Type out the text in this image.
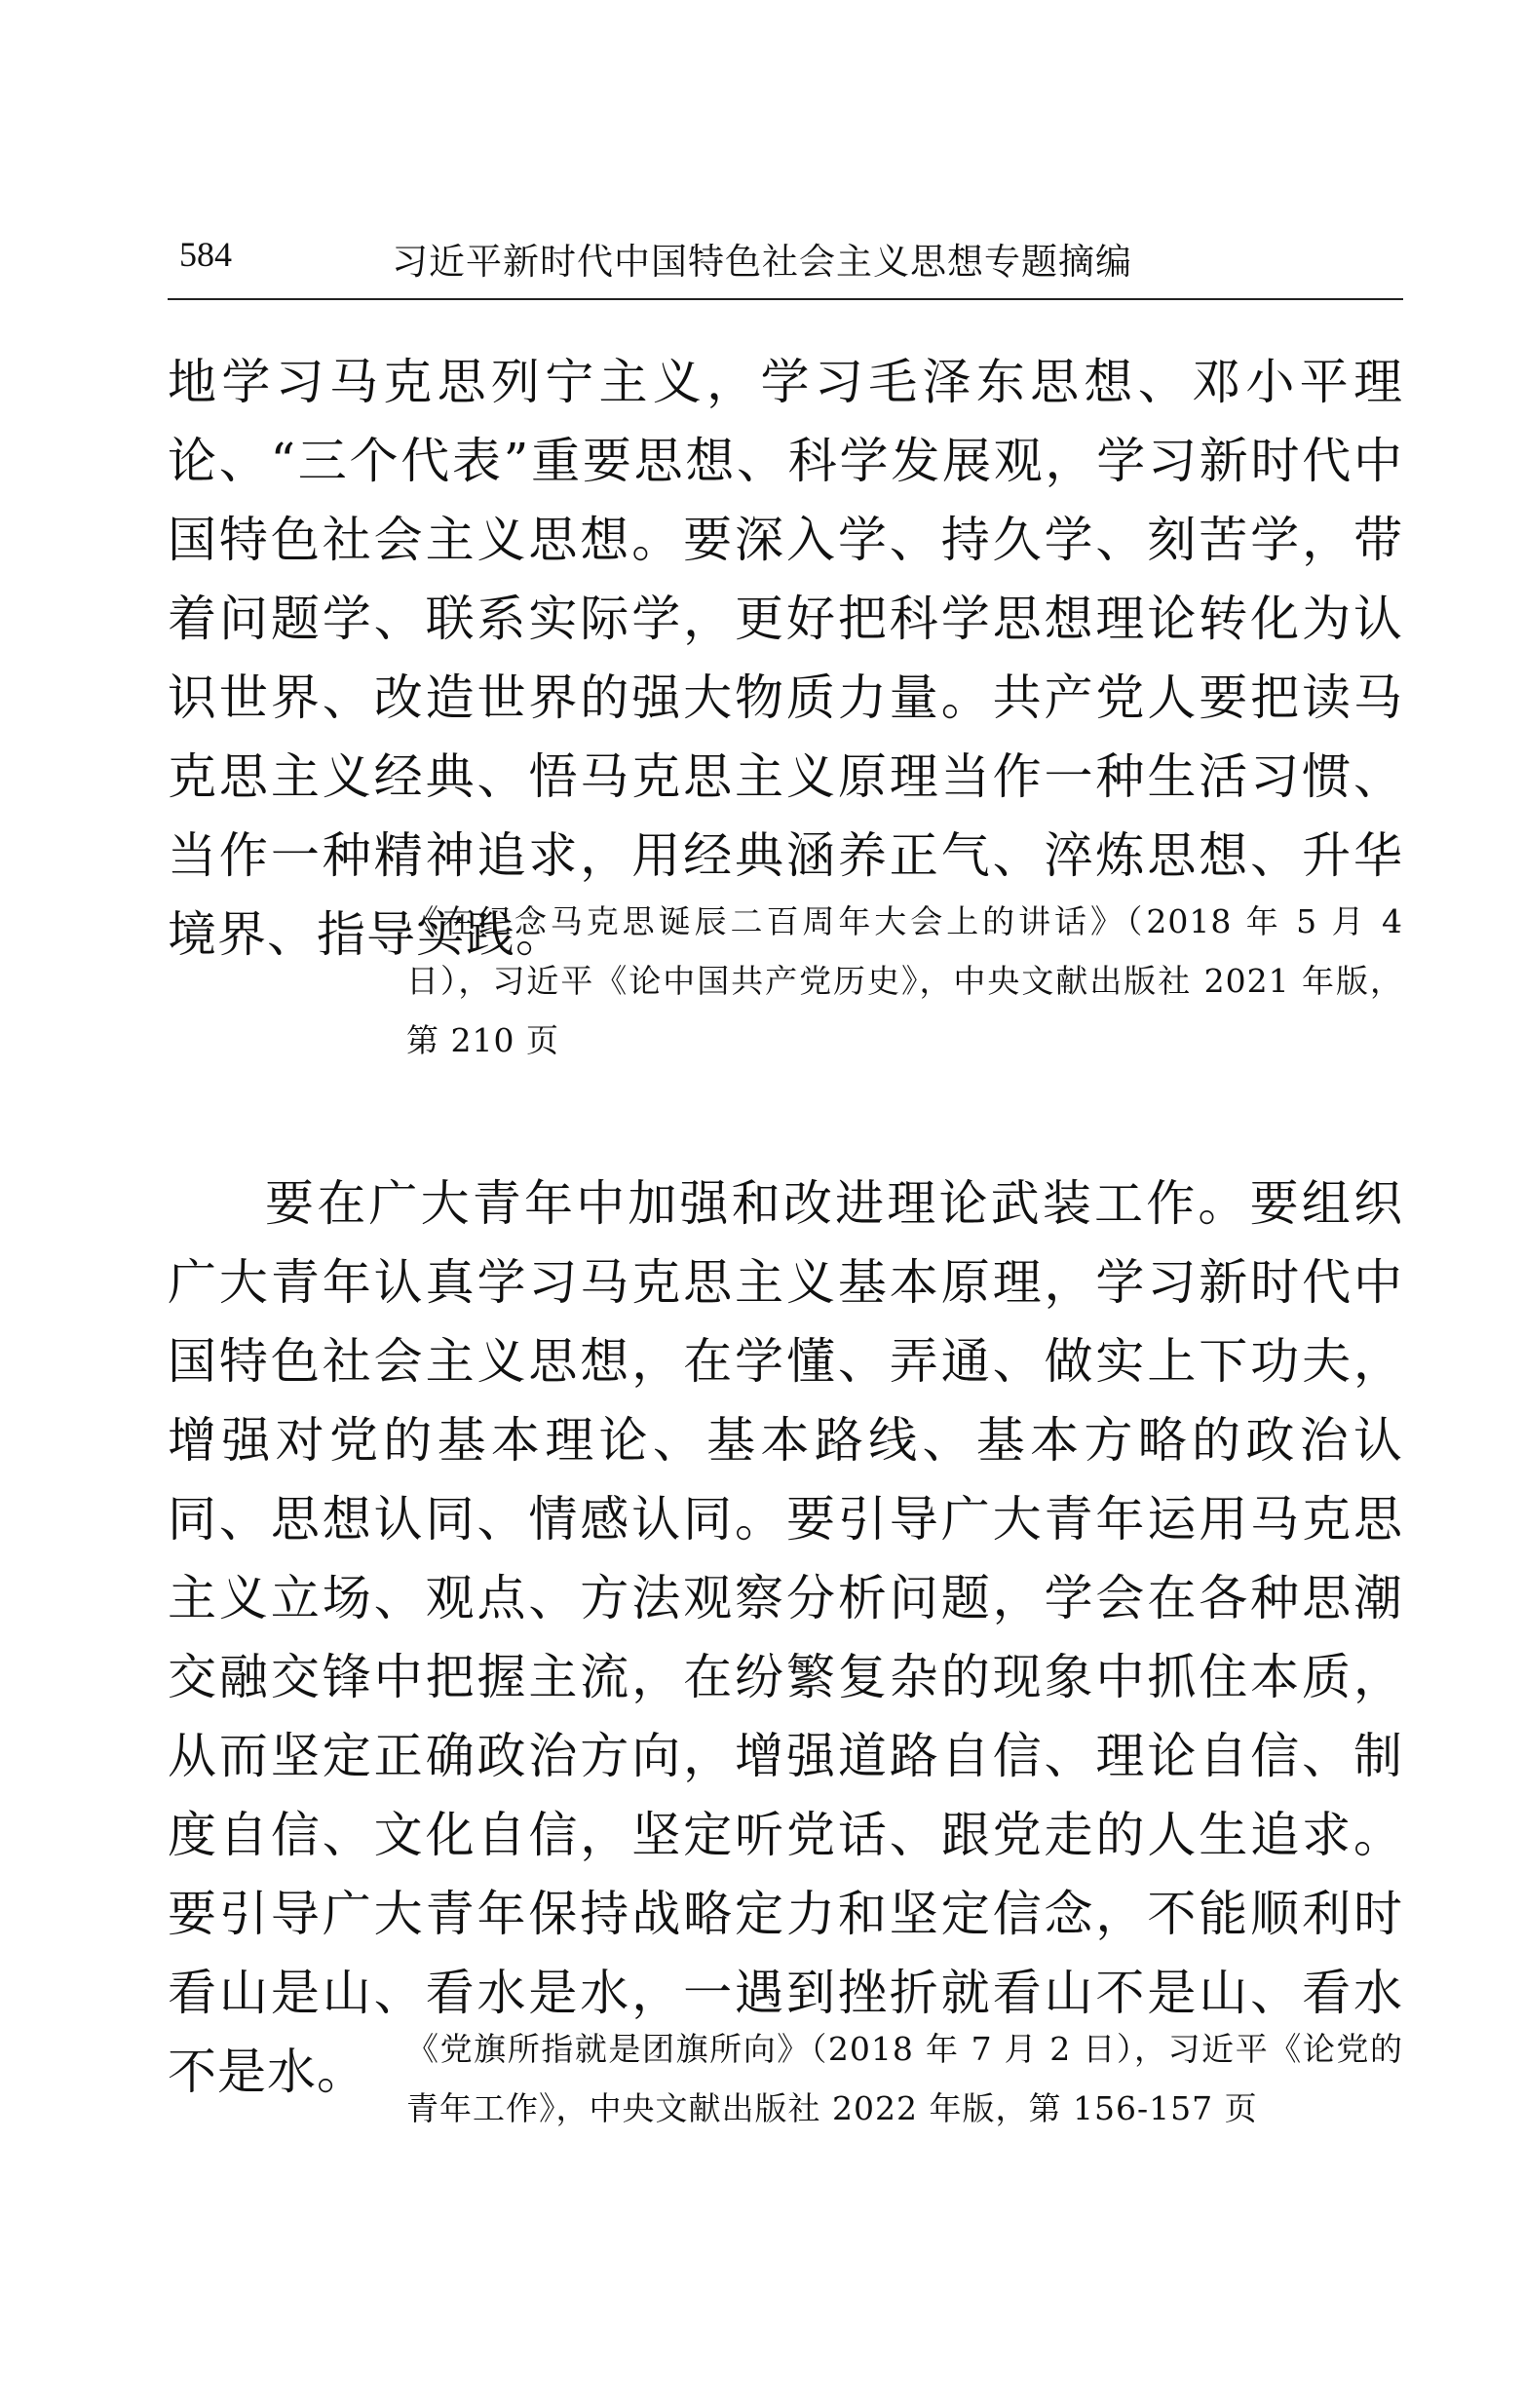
584	习近平新时代中国特色社会主义思想专题摘编

地学习马克思列宁主义，学习毛泽东思想、邓小平理论、“三个代表”重要思想、科学发展观，学习新时代中国特色社会主义思想。要深入学、持久学、刻苦学，带着问题学、联系实际学，更好把科学思想理论转化为认识世界、改造世界的强大物质力量。共产党人要把读马克思主义经典、悟马克思主义原理当作一种生活习惯、当作一种精神追求，用经典涵养正气、淬炼思想、升华境界、指导实践。

《在纪念马克思诞辰二百周年大会上的讲话》（2018 年 5 月 4 日），习近平《论中国共产党历史》，中央文献出版社 2021 年版，第 210 页

要在广大青年中加强和改进理论武装工作。要组织广大青年认真学习马克思主义基本原理，学习新时代中国特色社会主义思想，在学懂、弄通、做实上下功夫，增强对党的基本理论、基本路线、基本方略的政治认同、思想认同、情感认同。要引导广大青年运用马克思主义立场、观点、方法观察分析问题，学会在各种思潮交融交锋中把握主流，在纷繁复杂的现象中抓住本质，从而坚定正确政治方向，增强道路自信、理论自信、制度自信、文化自信，坚定听党话、跟党走的人生追求。要引导广大青年保持战略定力和坚定信念，不能顺利时看山是山、看水是水，一遇到挫折就看山不是山、看水不是水。	《党旗所指就是团旗所向》（2018 年 7 月 2 日），习近平《论党的青年工作》，中央文献出版社 2022 年版，第 156-157 页
